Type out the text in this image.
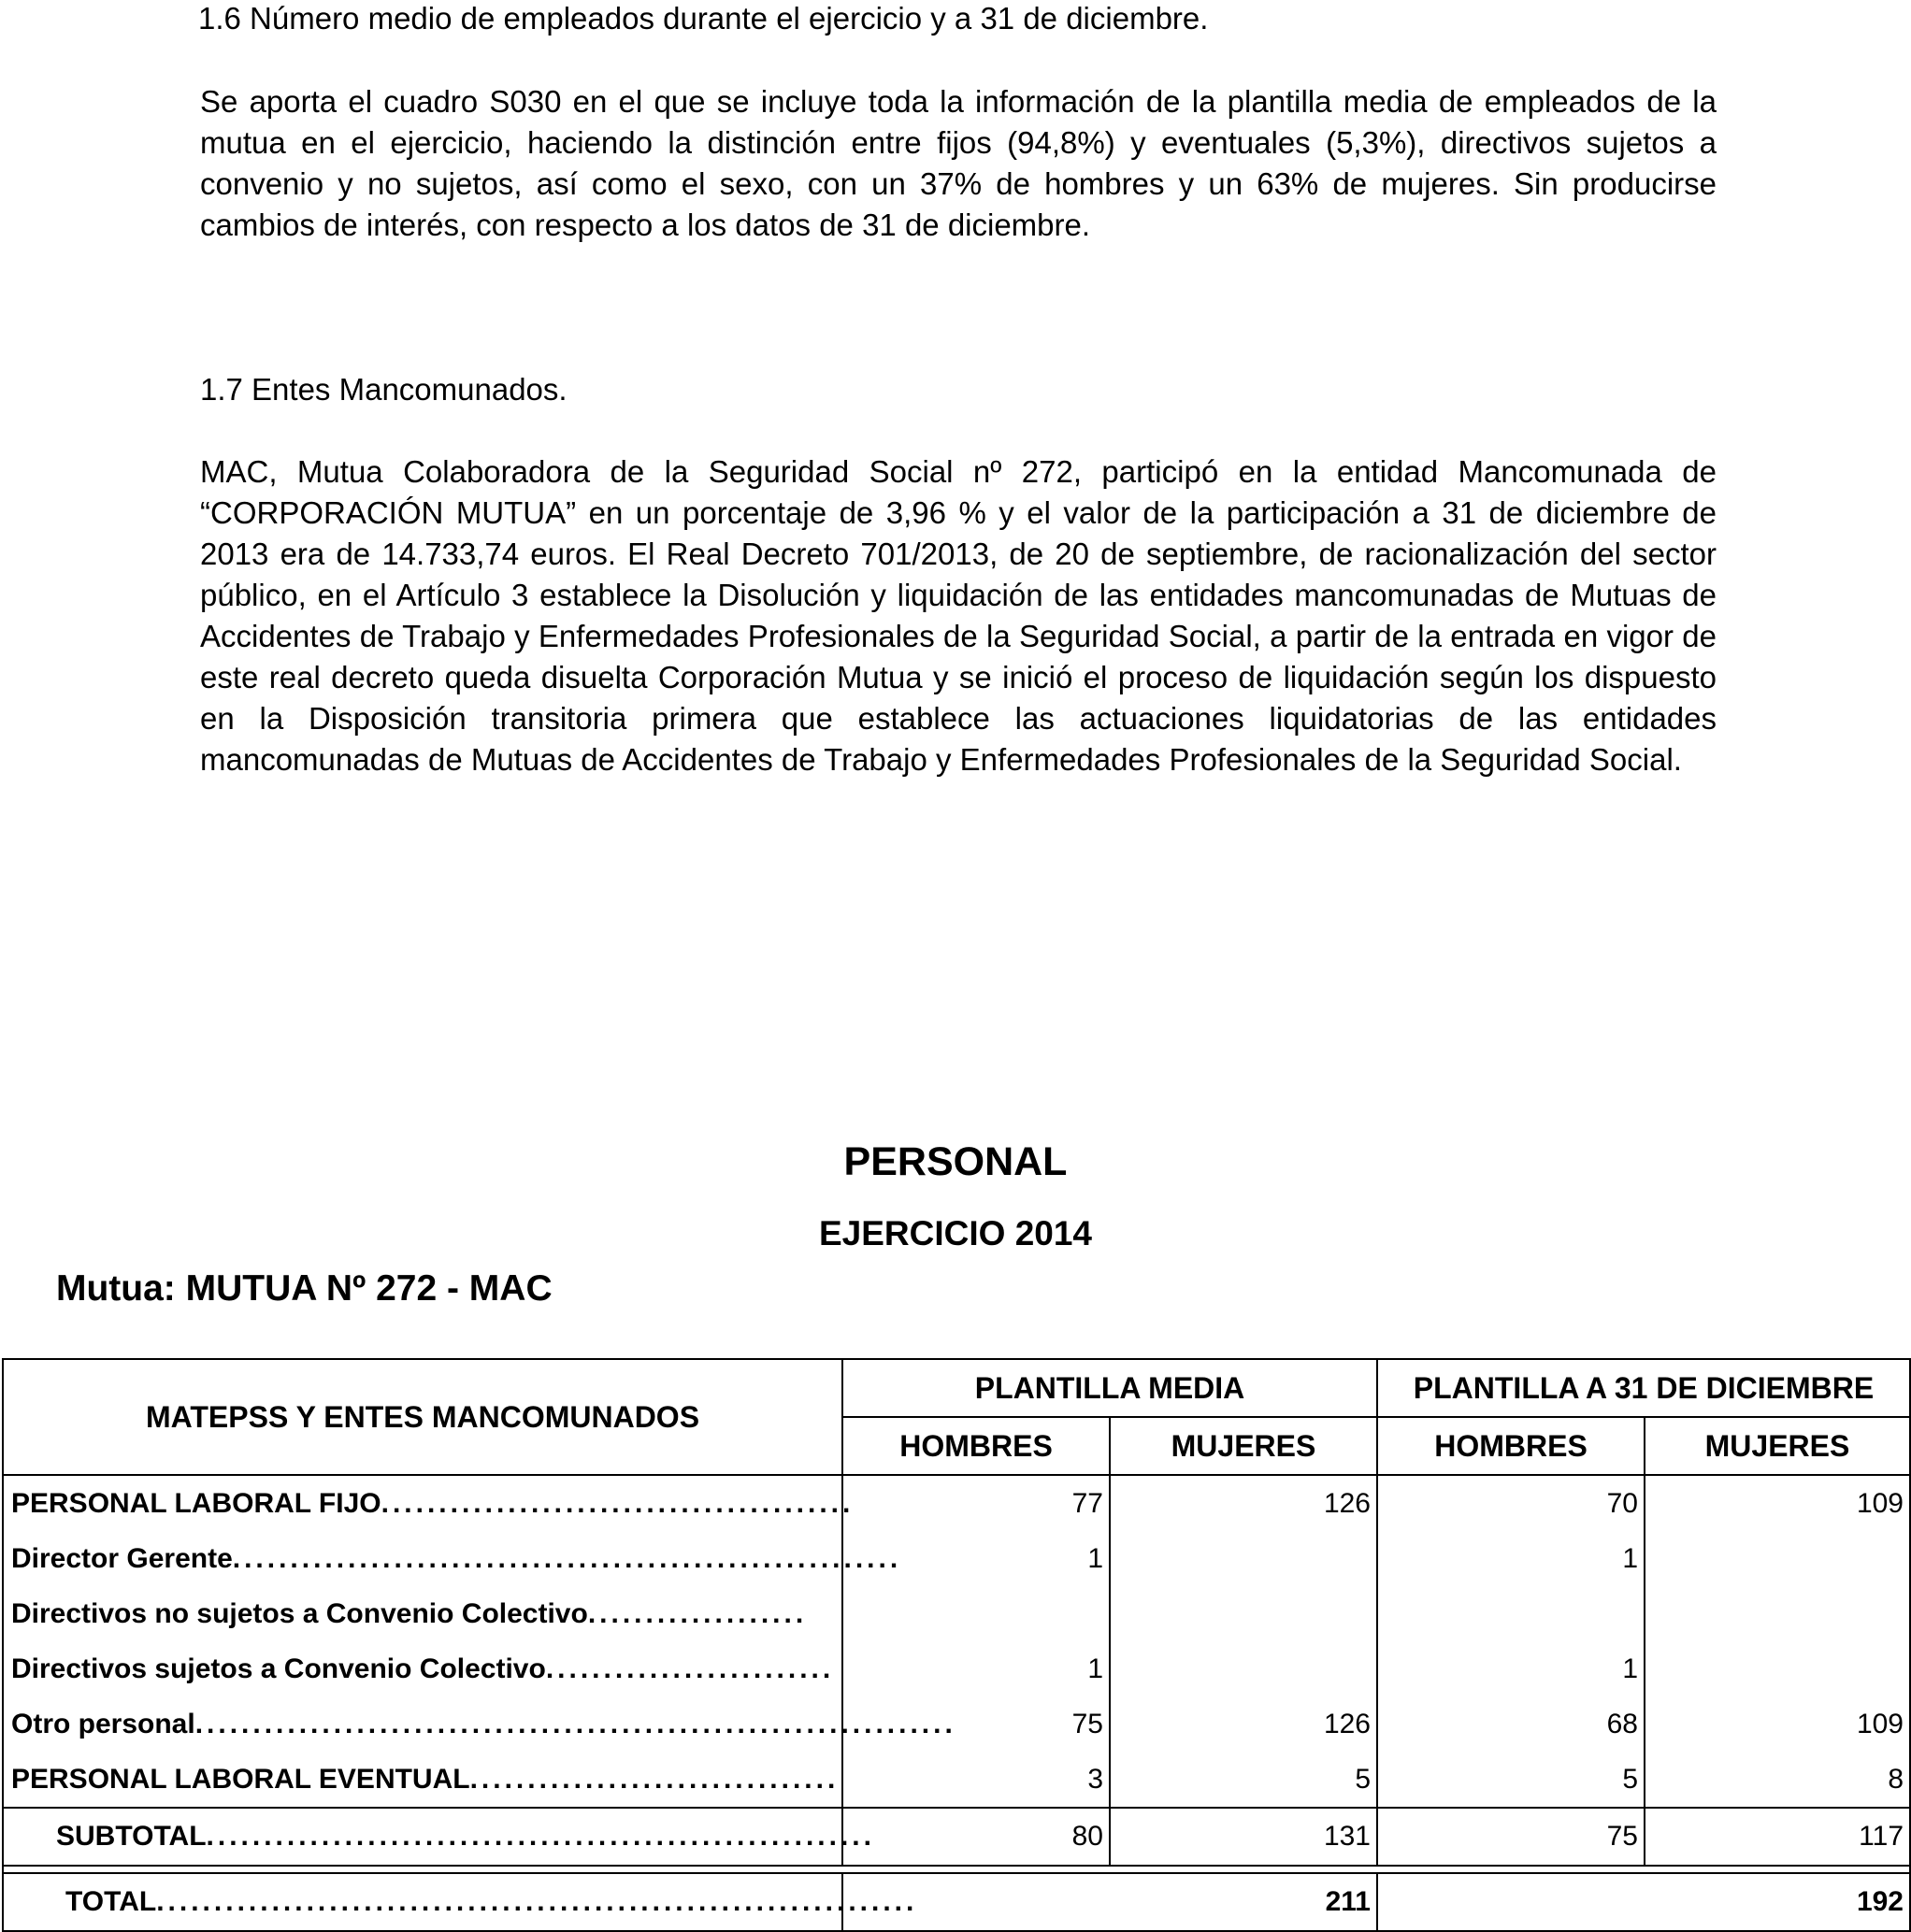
1.6 Número medio de empleados durante el ejercicio y a 31 de diciembre.

Se aporta el cuadro S030 en el que se incluye toda la información de la plantilla media de empleados de la mutua en el ejercicio, haciendo la distinción entre fijos (94,8%) y eventuales (5,3%), directivos sujetos a convenio y no sujetos, así como el sexo, con un 37% de hombres y un 63% de mujeres. Sin producirse cambios de interés, con respecto a los datos de 31 de diciembre.

1.7 Entes Mancomunados.

MAC, Mutua Colaboradora de la Seguridad Social nº 272, participó en la entidad Mancomunada de “CORPORACIÓN MUTUA” en un porcentaje de 3,96 % y el valor de la participación a 31 de diciembre de 2013 era de 14.733,74 euros. El Real Decreto 701/2013, de 20 de septiembre, de racionalización del sector público, en el Artículo 3 establece la Disolución y liquidación de las entidades mancomunadas de Mutuas de Accidentes de Trabajo y Enfermedades Profesionales de la Seguridad Social, a partir de la entrada en vigor de este real decreto queda disuelta Corporación Mutua y se inició el proceso de liquidación según los dispuesto en la Disposición transitoria primera que establece las actuaciones liquidatorias de las entidades mancomunadas de Mutuas de Accidentes de Trabajo y Enfermedades Profesionales de la Seguridad Social.

PERSONAL

EJERCICIO 2014

Mutua: MUTUA Nº 272 - MAC

MATEPSS Y ENTES MANCOMUNADOS	PLANTILLA MEDIA		PLANTILLA A 31 DE DICIEMBRE	
	HOMBRES	MUJERES	HOMBRES	MUJERES
PERSONAL LABORAL FIJO.........................................	77	126	70	109
Director Gerente..........................................................	1		1	
Directivos no sujetos a Convenio Colectivo...................				
Directivos sujetos a Convenio Colectivo.........................	1		1	
Otro personal..................................................................	75	126	68	109
PERSONAL LABORAL EVENTUAL................................	3	5	5	8
SUBTOTAL..........................................................	80	131	75	117

TOTAL..................................................................	211		192	
